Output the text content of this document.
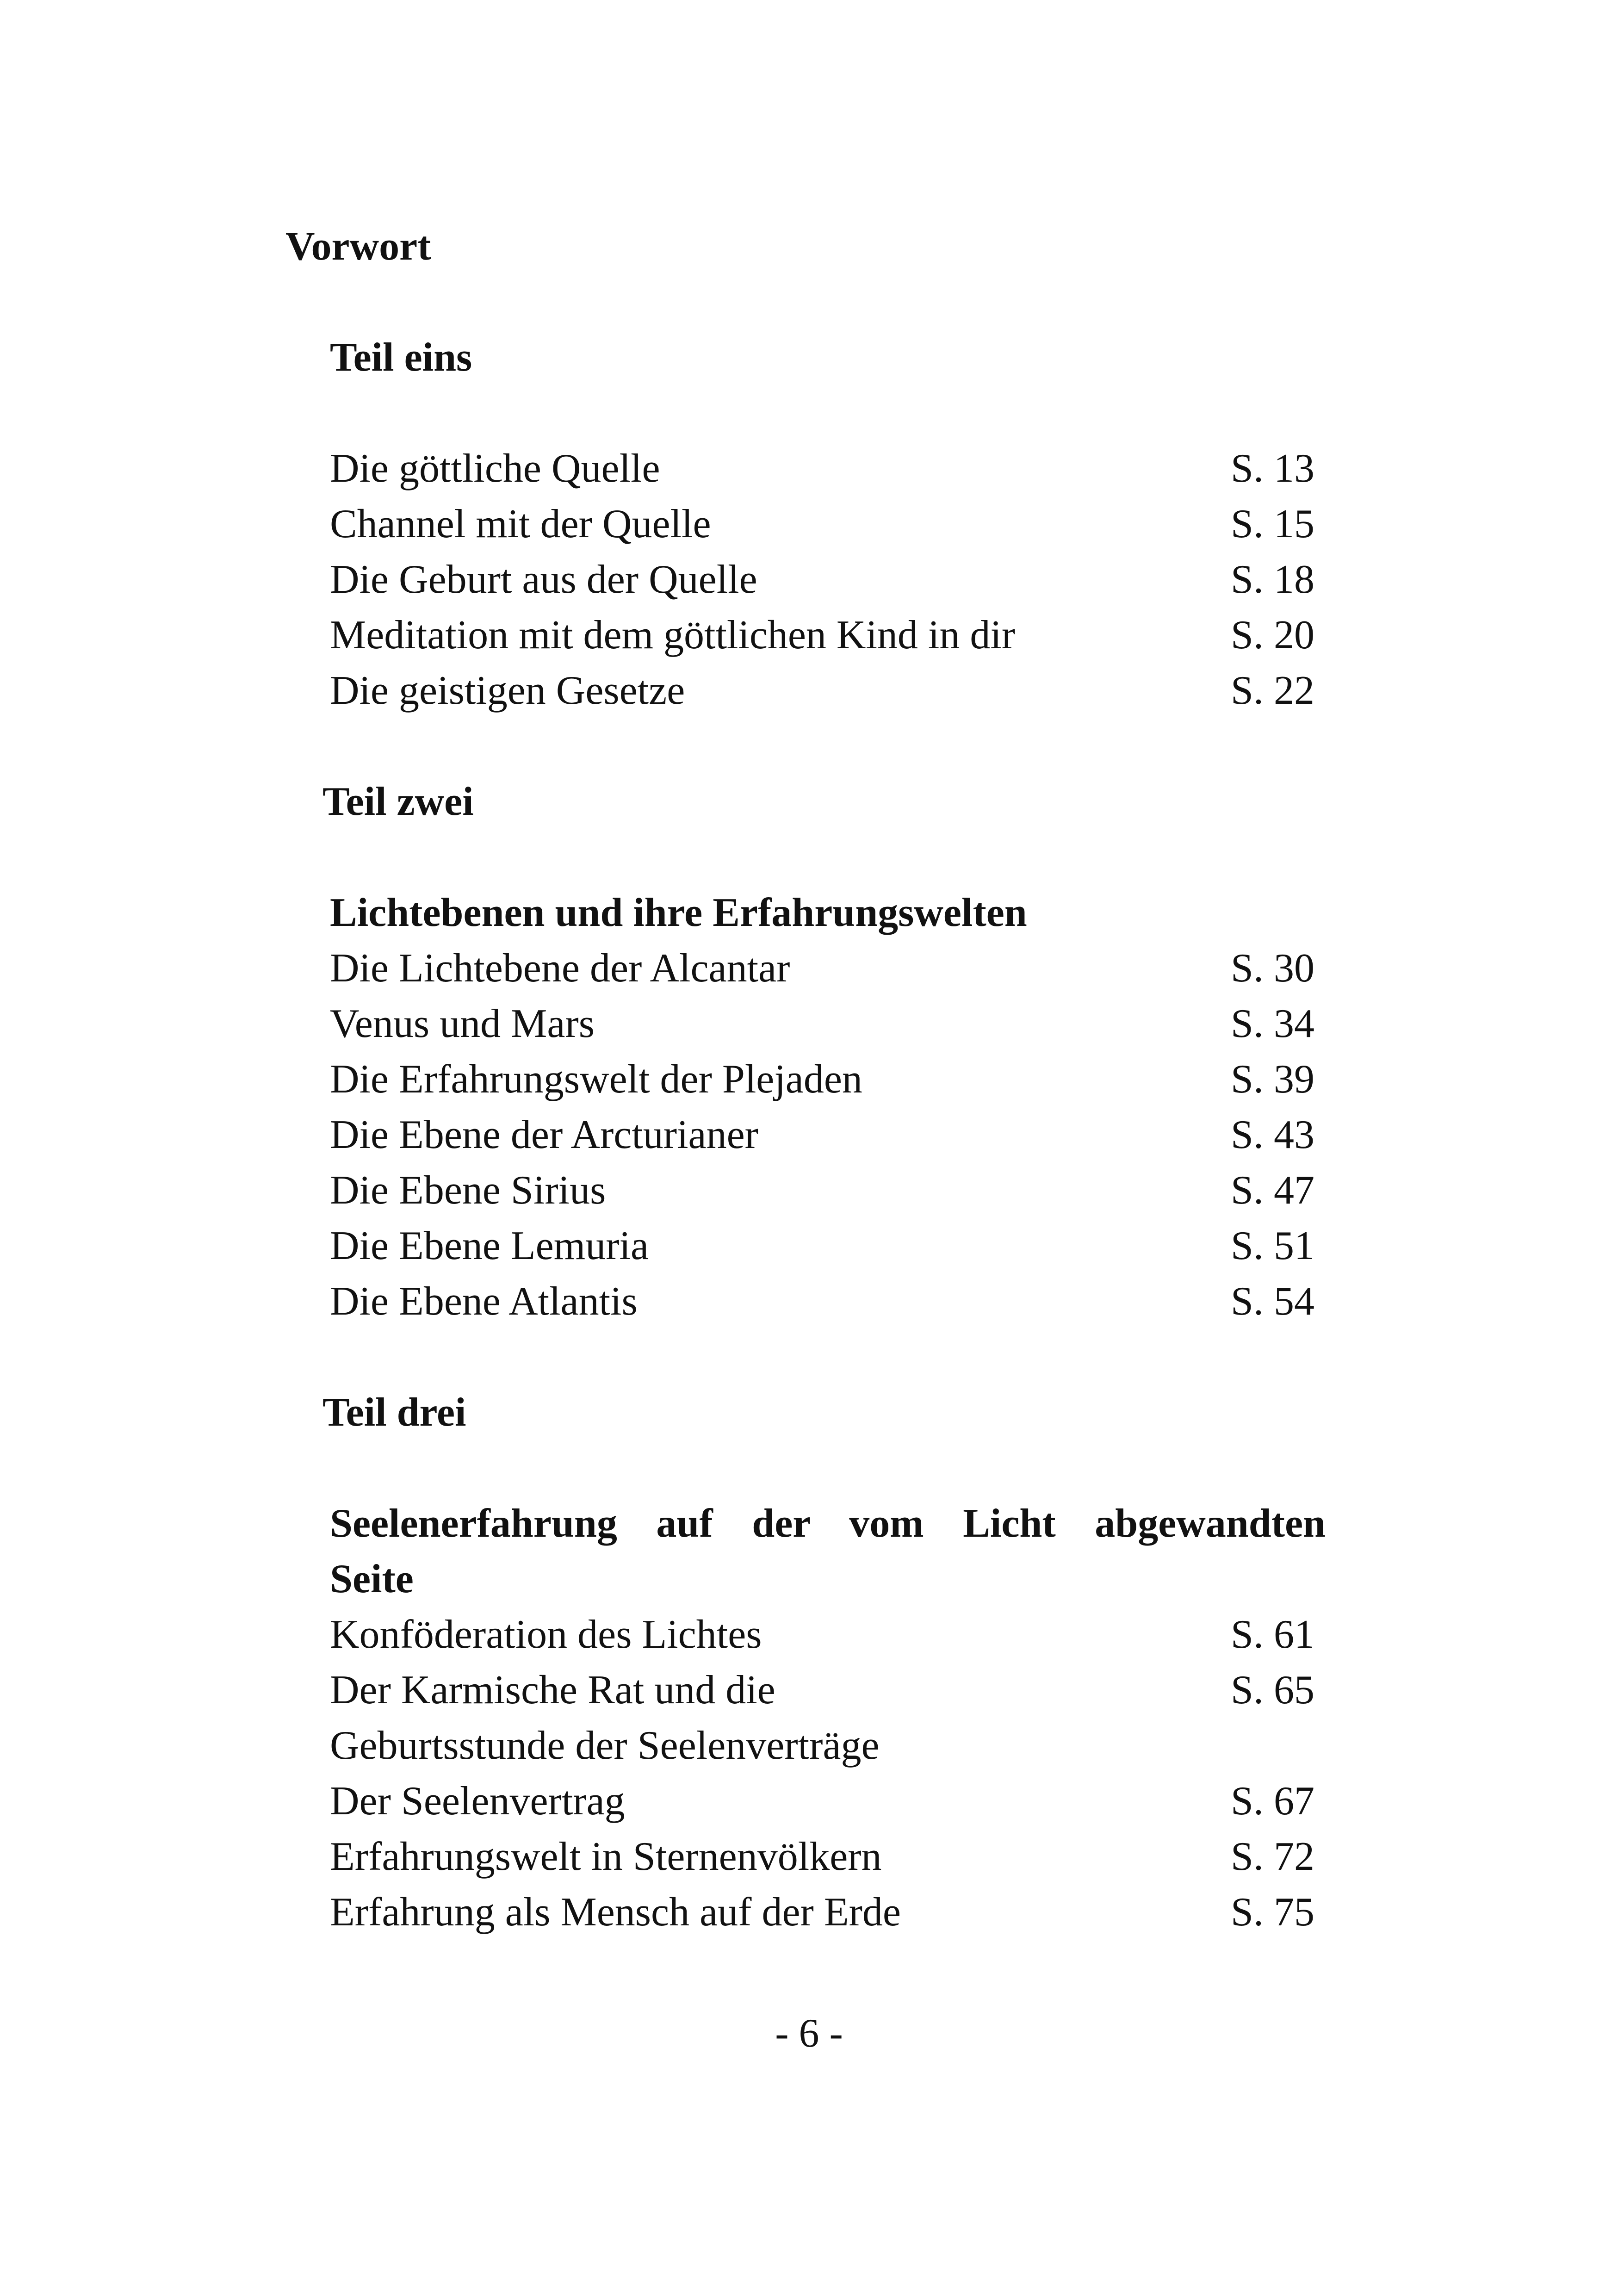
Vorwort
Teil eins
Die göttliche Quelle	S. 13
Channel mit der Quelle	S. 15
Die Geburt aus der Quelle	S. 18
Meditation mit dem göttlichen Kind in dir	S. 20
Die geistigen Gesetze	S. 22
Teil zwei
Lichtebenen und ihre Erfahrungswelten
Die Lichtebene der Alcantar	S. 30
Venus und Mars	S. 34
Die Erfahrungswelt der Plejaden	S. 39
Die Ebene der Arcturianer	S. 43
Die Ebene Sirius	S. 47
Die Ebene Lemuria	S. 51
Die Ebene Atlantis	S. 54
Teil drei
Seelenerfahrung auf der vom Licht abgewandten
Seite
Konföderation des Lichtes	S. 61
Der Karmische Rat und die	S. 65
Geburtsstunde der Seelenverträge
Der Seelenvertrag	S. 67
Erfahrungswelt in Sternenvölkern	S. 72
Erfahrung als Mensch auf der Erde	S. 75
- 6 -
